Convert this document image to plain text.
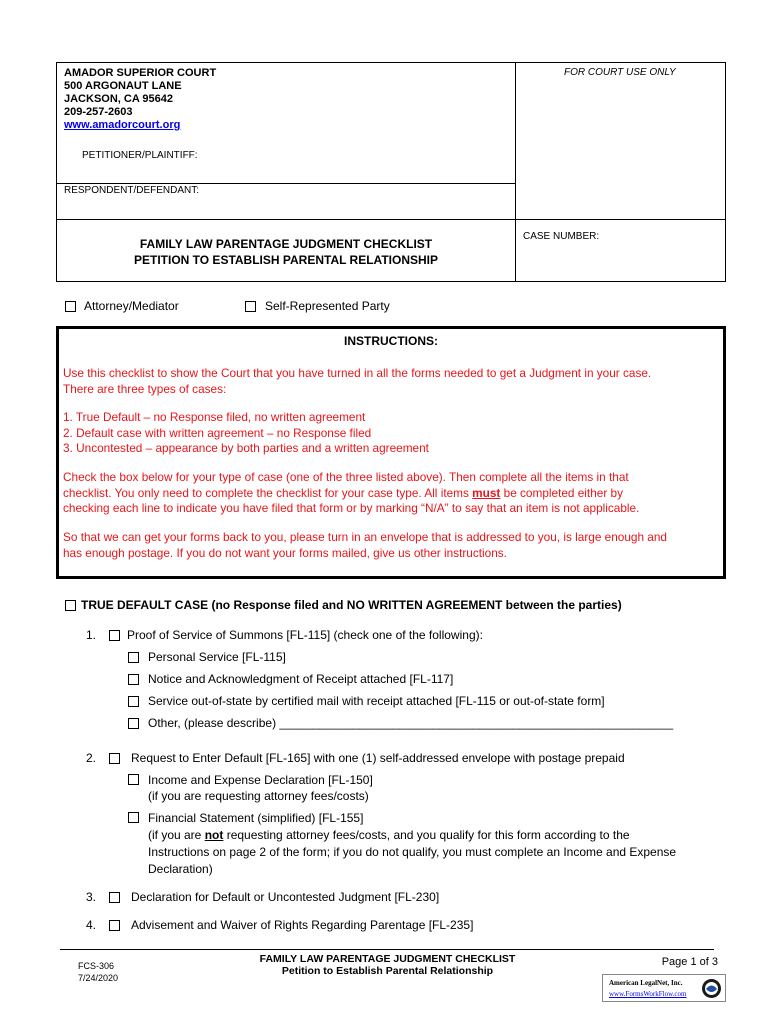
AMADOR SUPERIOR COURT
500 ARGONAUT LANE
JACKSON, CA 95642
209-257-2603
www.amadorcourt.org
FOR COURT USE ONLY
PETITIONER/PLAINTIFF:
RESPONDENT/DEFENDANT:
CASE NUMBER:
FAMILY LAW PARENTAGE JUDGMENT CHECKLIST
PETITION TO ESTABLISH PARENTAL RELATIONSHIP
Attorney/Mediator	Self-Represented Party
INSTRUCTIONS:
Use this checklist to show the Court that you have turned in all the forms needed to get a Judgment in your case.
There are three types of cases:
1. True Default – no Response filed, no written agreement
2. Default case with written agreement – no Response filed
3. Uncontested – appearance by both parties and a written agreement
Check the box below for your type of case (one of the three listed above). Then complete all the items in that
checklist. You only need to complete the checklist for your case type. All items must be completed either by
checking each line to indicate you have filed that form or by marking “N/A” to say that an item is not applicable.
So that we can get your forms back to you, please turn in an envelope that is addressed to you, is large enough and
has enough postage. If you do not want your forms mailed, give us other instructions.
TRUE DEFAULT CASE (no Response filed and NO WRITTEN AGREEMENT between the parties)
1.	Proof of Service of Summons [FL-115] (check one of the following):
Personal Service [FL-115]
Notice and Acknowledgment of Receipt attached [FL-117]
Service out-of-state by certified mail with receipt attached [FL-115 or out-of-state form]
Other, (please describe) ___________________________________________________________
2.	Request to Enter Default [FL-165] with one (1) self-addressed envelope with postage prepaid
Income and Expense Declaration [FL-150]
(if you are requesting attorney fees/costs)
Financial Statement (simplified) [FL-155]
(if you are not requesting attorney fees/costs, and you qualify for this form according to the
Instructions on page 2 of the form; if you do not qualify, you must complete an Income and Expense
Declaration)
3.	Declaration for Default or Uncontested Judgment [FL-230]
4.	Advisement and Waiver of Rights Regarding Parentage [FL-235]
FCS-306
7/24/2020
FAMILY LAW PARENTAGE JUDGMENT CHECKLIST
Petition to Establish Parental Relationship
Page 1 of 3
American LegalNet, Inc.
www.FormsWorkFlow.com
